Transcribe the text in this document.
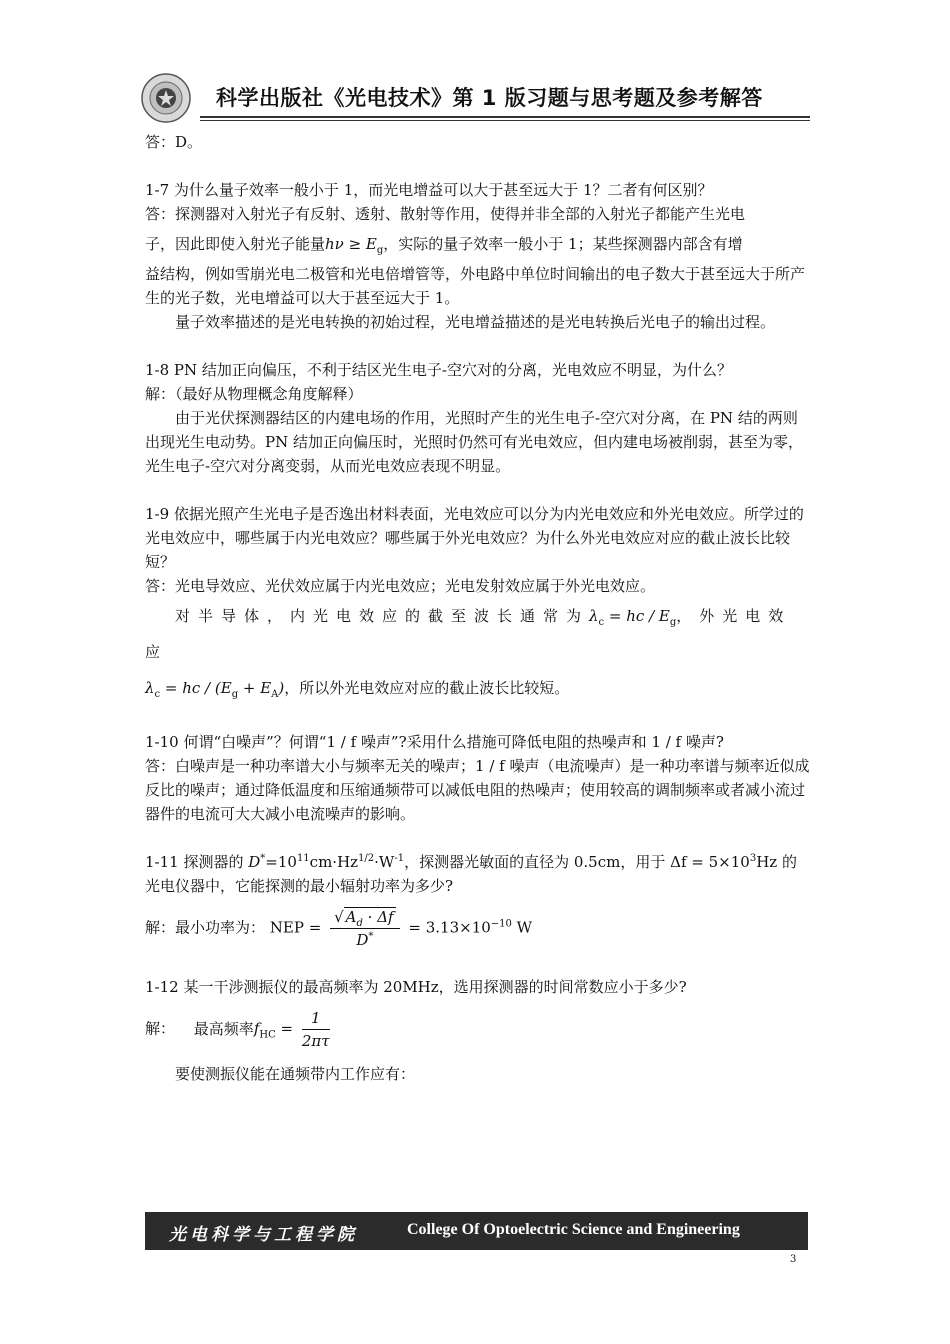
科学出版社《光电技术》第 1 版习题与思考题及参考解答

答：D。

1-7 为什么量子效率一般小于 1，而光电增益可以大于甚至远大于 1？二者有何区别？

答：探测器对入射光子有反射、透射、散射等作用，使得并非全部的入射光子都能产生光电

子，因此即使入射光子能量$h\nu \ge E_g$，实际的量子效率一般小于 1；某些探测器内部含有增

益结构，例如雪崩光电二极管和光电倍增管等，外电路中单位时间输出的电子数大于甚至远大于所产生的光子数，光电增益可以大于甚至远大于 1。

量子效率描述的是光电转换的初始过程，光电增益描述的是光电转换后光电子的输出过程。

1-8 PN 结加正向偏压，不利于结区光生电子-空穴对的分离，光电效应不明显，为什么？

解：（最好从物理概念角度解释）

由于光伏探测器结区的内建电场的作用，光照时产生的光生电子-空穴对分离，在 PN 结的两则出现光生电动势。PN 结加正向偏压时，光照时仍然可有光电效应，但内建电场被削弱，甚至为零，光生电子-空穴对分离变弱，从而光电效应表现不明显。

1-9 依据光照产生光电子是否逸出材料表面，光电效应可以分为内光电效应和外光电效应。所学过的光电效应中，哪些属于内光电效应？哪些属于外光电效应？为什么外光电效应对应的截止波长比较短？

答：光电导效应、光伏效应属于内光电效应；光电发射效应属于外光电效应。

对半导体，内光电效应的截至波长通常为$\lambda_c$ = hc / $E_g$，外光电效应

$\lambda_c$ = hc / $(E_g + E_A)$，所以外光电效应对应的截止波长比较短。

1-10 何谓“白噪声”？何谓“1 / f 噪声”?采用什么措施可降低电阻的热噪声和 1 / f 噪声?

答：白噪声是一种功率谱大小与频率无关的噪声；1 / f 噪声（电流噪声）是一种功率谱与频率近似成反比的噪声；通过降低温度和压缩通频带可以减低电阻的热噪声；使用较高的调制频率或者减小流过器件的电流可大大减小电流噪声的影响。

1-11 探测器的 $D^*=10^{11}cm\cdot Hz^{1/2}\cdot W^{-1}$，探测器光敏面的直径为 0.5cm，用于 $\Delta f = 5\times 10^3Hz$ 的光电仪器中，它能探测的最小辐射功率为多少?

解：最小功率为： NEP = $\frac{√ A_d \cdot \Delta f}{D^*} = 3.13\times 10^{-10}$ W

1-12 某一干涉测振仪的最高频率为 20MHz，选用探测器的时间常数应小于多少?

解： 最高频率$f_{HC} = \frac{1}{2\pi\tau}$

要使测振仪能在通频带内工作应有：

光电科学与工程学院	College Of Optoelectric Science and Engineering
3
